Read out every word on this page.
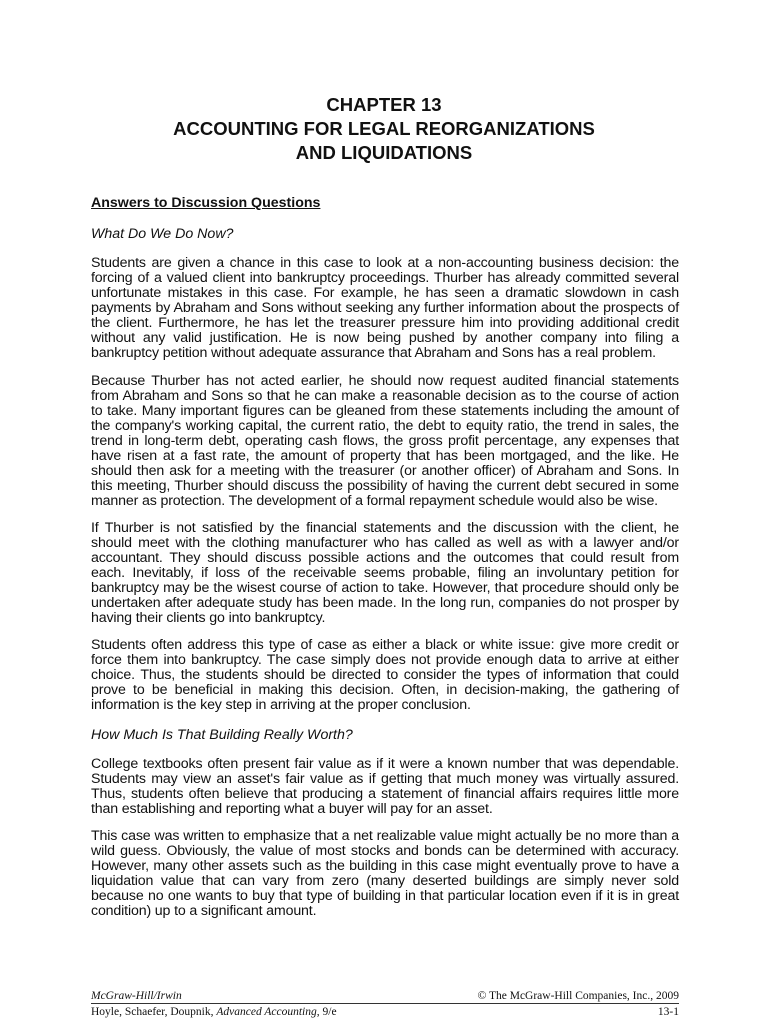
CHAPTER 13
ACCOUNTING FOR LEGAL REORGANIZATIONS
AND LIQUIDATIONS
Answers to Discussion Questions
What Do We Do Now?

Students are given a chance in this case to look at a non-accounting business decision: the forcing of a valued client into bankruptcy proceedings. Thurber has already committed several unfortunate mistakes in this case. For example, he has seen a dramatic slowdown in cash payments by Abraham and Sons without seeking any further information about the prospects of the client. Furthermore, he has let the treasurer pressure him into providing additional credit without any valid justification. He is now being pushed by another company into filing a bankruptcy petition without adequate assurance that Abraham and Sons has a real problem.

Because Thurber has not acted earlier, he should now request audited financial statements from Abraham and Sons so that he can make a reasonable decision as to the course of action to take. Many important figures can be gleaned from these statements including the amount of the company's working capital, the current ratio, the debt to equity ratio, the trend in sales, the trend in long-term debt, operating cash flows, the gross profit percentage, any expenses that have risen at a fast rate, the amount of property that has been mortgaged, and the like. He should then ask for a meeting with the treasurer (or another officer) of Abraham and Sons. In this meeting, Thurber should discuss the possibility of having the current debt secured in some manner as protection. The development of a formal repayment schedule would also be wise.

If Thurber is not satisfied by the financial statements and the discussion with the client, he should meet with the clothing manufacturer who has called as well as with a lawyer and/or accountant. They should discuss possible actions and the outcomes that could result from each. Inevitably, if loss of the receivable seems probable, filing an involuntary petition for bankruptcy may be the wisest course of action to take. However, that procedure should only be undertaken after adequate study has been made. In the long run, companies do not prosper by having their clients go into bankruptcy.

Students often address this type of case as either a black or white issue: give more credit or force them into bankruptcy. The case simply does not provide enough data to arrive at either choice. Thus, the students should be directed to consider the types of information that could prove to be beneficial in making this decision. Often, in decision-making, the gathering of information is the key step in arriving at the proper conclusion.

How Much Is That Building Really Worth?

College textbooks often present fair value as if it were a known number that was dependable. Students may view an asset's fair value as if getting that much money was virtually assured. Thus, students often believe that producing a statement of financial affairs requires little more than establishing and reporting what a buyer will pay for an asset.

This case was written to emphasize that a net realizable value might actually be no more than a wild guess. Obviously, the value of most stocks and bonds can be determined with accuracy. However, many other assets such as the building in this case might eventually prove to have a liquidation value that can vary from zero (many deserted buildings are simply never sold because no one wants to buy that type of building in that particular location even if it is in great condition) up to a significant amount.

McGraw-Hill/Irwin	© The McGraw-Hill Companies, Inc., 2009
Hoyle, Schaefer, Doupnik, Advanced Accounting, 9/e	13-1
